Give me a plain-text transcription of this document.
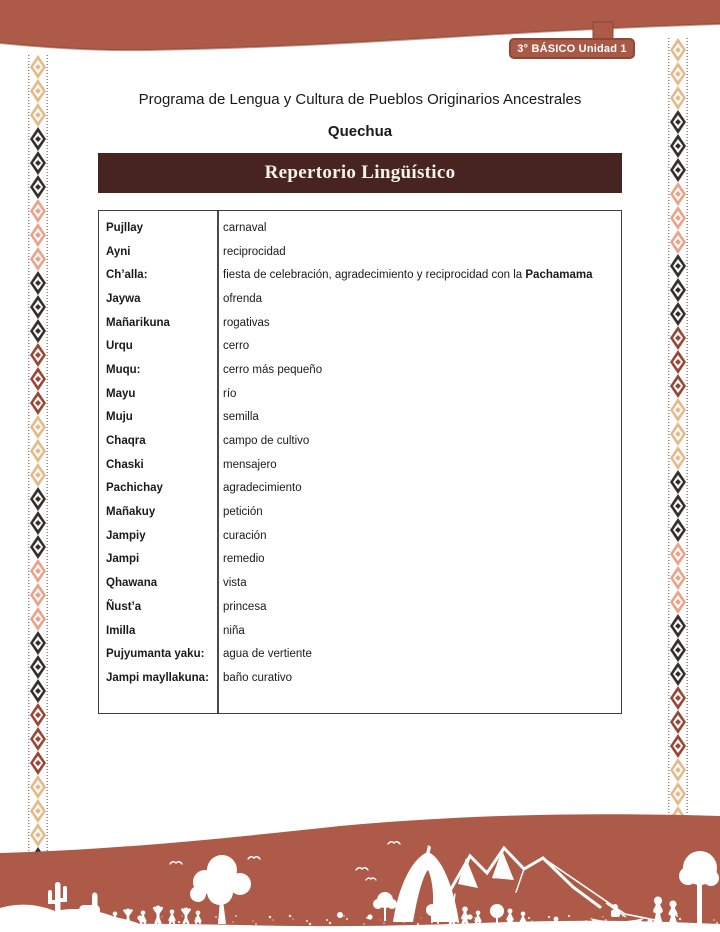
3° BÁSICO Unidad 1
Programa de Lengua y Cultura de Pueblos Originarios Ancestrales
Quechua
Repertorio Lingüístico
Pujllay	carnaval
Ayni	reciprocidad
Ch’alla:	fiesta de celebración, agradecimiento y reciprocidad con la Pachamama
Jaywa	ofrenda
Mañarikuna	rogativas
Urqu	cerro
Muqu:	cerro más pequeño
Mayu	río
Muju	semilla
Chaqra	campo de cultivo
Chaski	mensajero
Pachichay	agradecimiento
Mañakuy	petición
Jampiy	curación
Jampi	remedio
Qhawana	vista
Ñust’a	princesa
Imilla	niña
Pujyumanta yaku:	agua de vertiente
Jampi mayllakuna:	baño curativo
